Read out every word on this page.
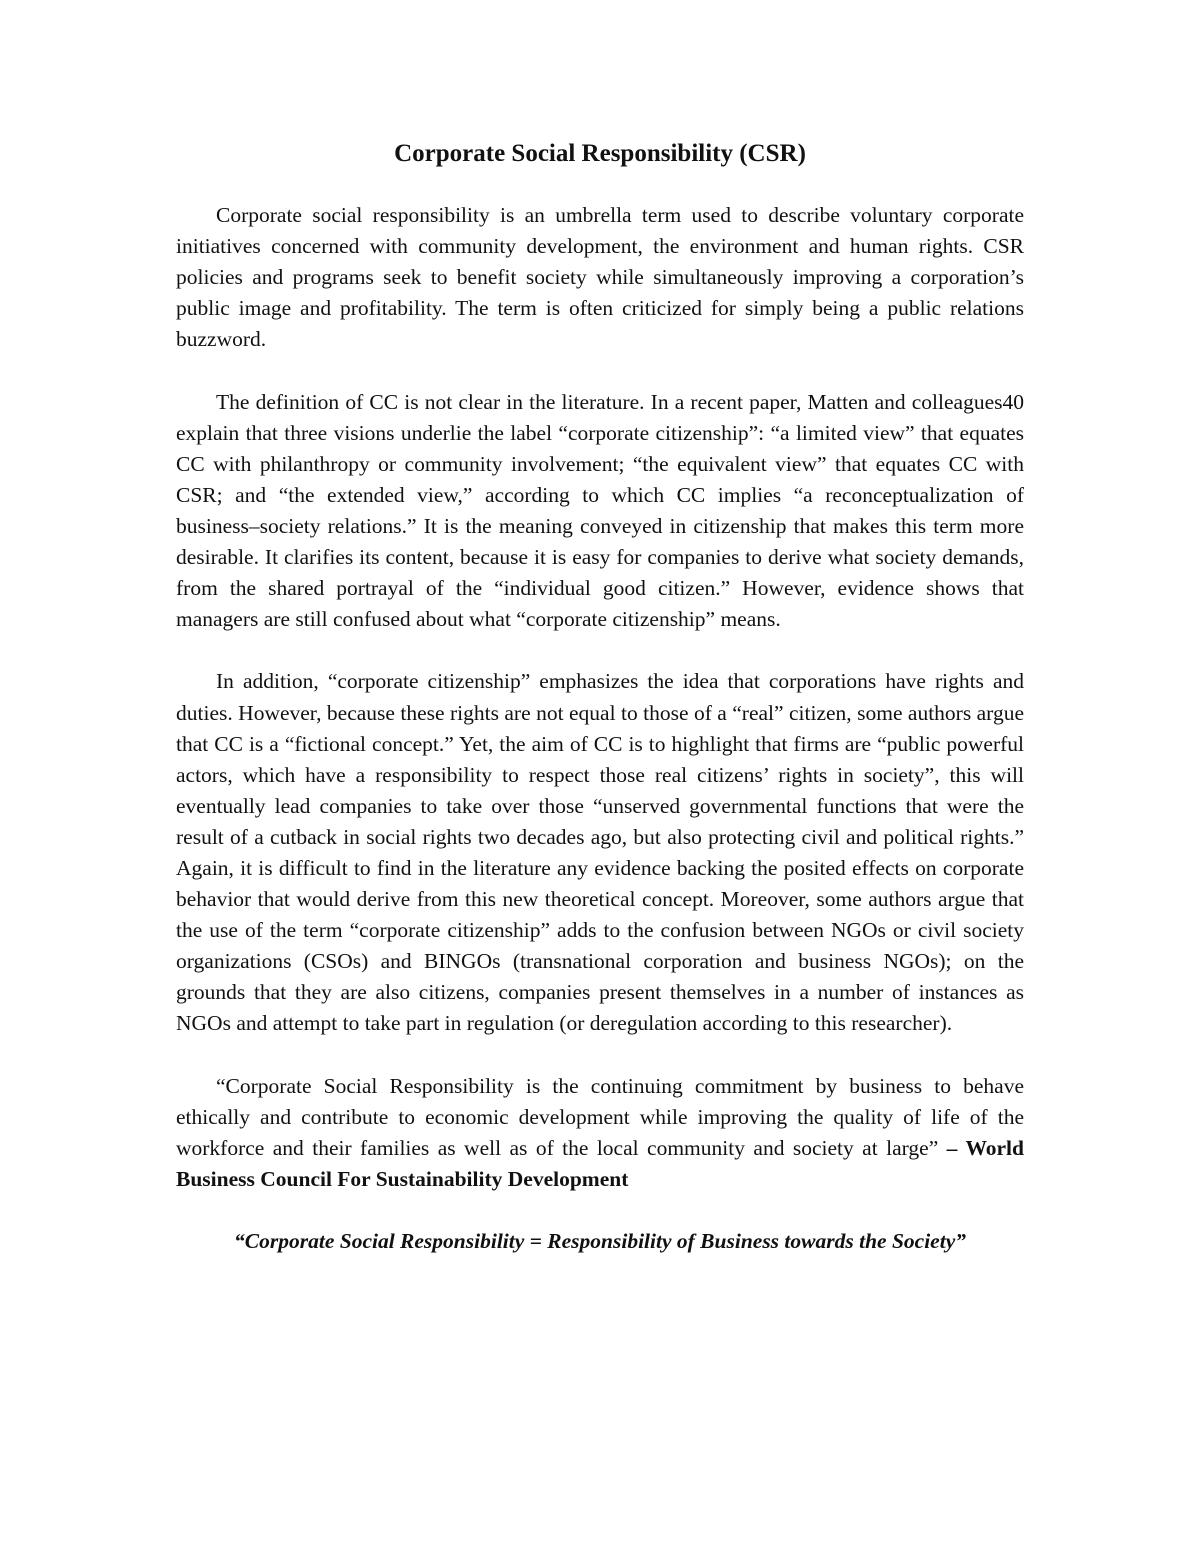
Corporate Social Responsibility (CSR)

Corporate social responsibility is an umbrella term used to describe voluntary corporate initiatives concerned with community development, the environment and human rights. CSR policies and programs seek to benefit society while simultaneously improving a corporation’s public image and profitability. The term is often criticized for simply being a public relations buzzword.

The definition of CC is not clear in the literature. In a recent paper, Matten and colleagues40 explain that three visions underlie the label “corporate citizenship”: “a limited view” that equates CC with philanthropy or community involvement; “the equivalent view” that equates CC with CSR; and “the extended view,” according to which CC implies “a reconceptualization of business–society relations.” It is the meaning conveyed in citizenship that makes this term more desirable. It clarifies its content, because it is easy for companies to derive what society demands, from the shared portrayal of the “individual good citizen.” However, evidence shows that managers are still confused about what “corporate citizenship” means.

In addition, “corporate citizenship” emphasizes the idea that corporations have rights and duties. However, because these rights are not equal to those of a “real” citizen, some authors argue that CC is a “fictional concept.” Yet, the aim of CC is to highlight that firms are “public powerful actors, which have a responsibility to respect those real citizens’ rights in society”, this will eventually lead companies to take over those “unserved governmental functions that were the result of a cutback in social rights two decades ago, but also protecting civil and political rights.” Again, it is difficult to find in the literature any evidence backing the posited effects on corporate behavior that would derive from this new theoretical concept. Moreover, some authors argue that the use of the term “corporate citizenship” adds to the confusion between NGOs or civil society organizations (CSOs) and BINGOs (transnational corporation and business NGOs); on the grounds that they are also citizens, companies present themselves in a number of instances as NGOs and attempt to take part in regulation (or deregulation according to this researcher).

“Corporate Social Responsibility is the continuing commitment by business to behave ethically and contribute to economic development while improving the quality of life of the workforce and their families as well as of the local community and society at large” – World Business Council For Sustainability Development

“Corporate Social Responsibility = Responsibility of Business towards the Society”
